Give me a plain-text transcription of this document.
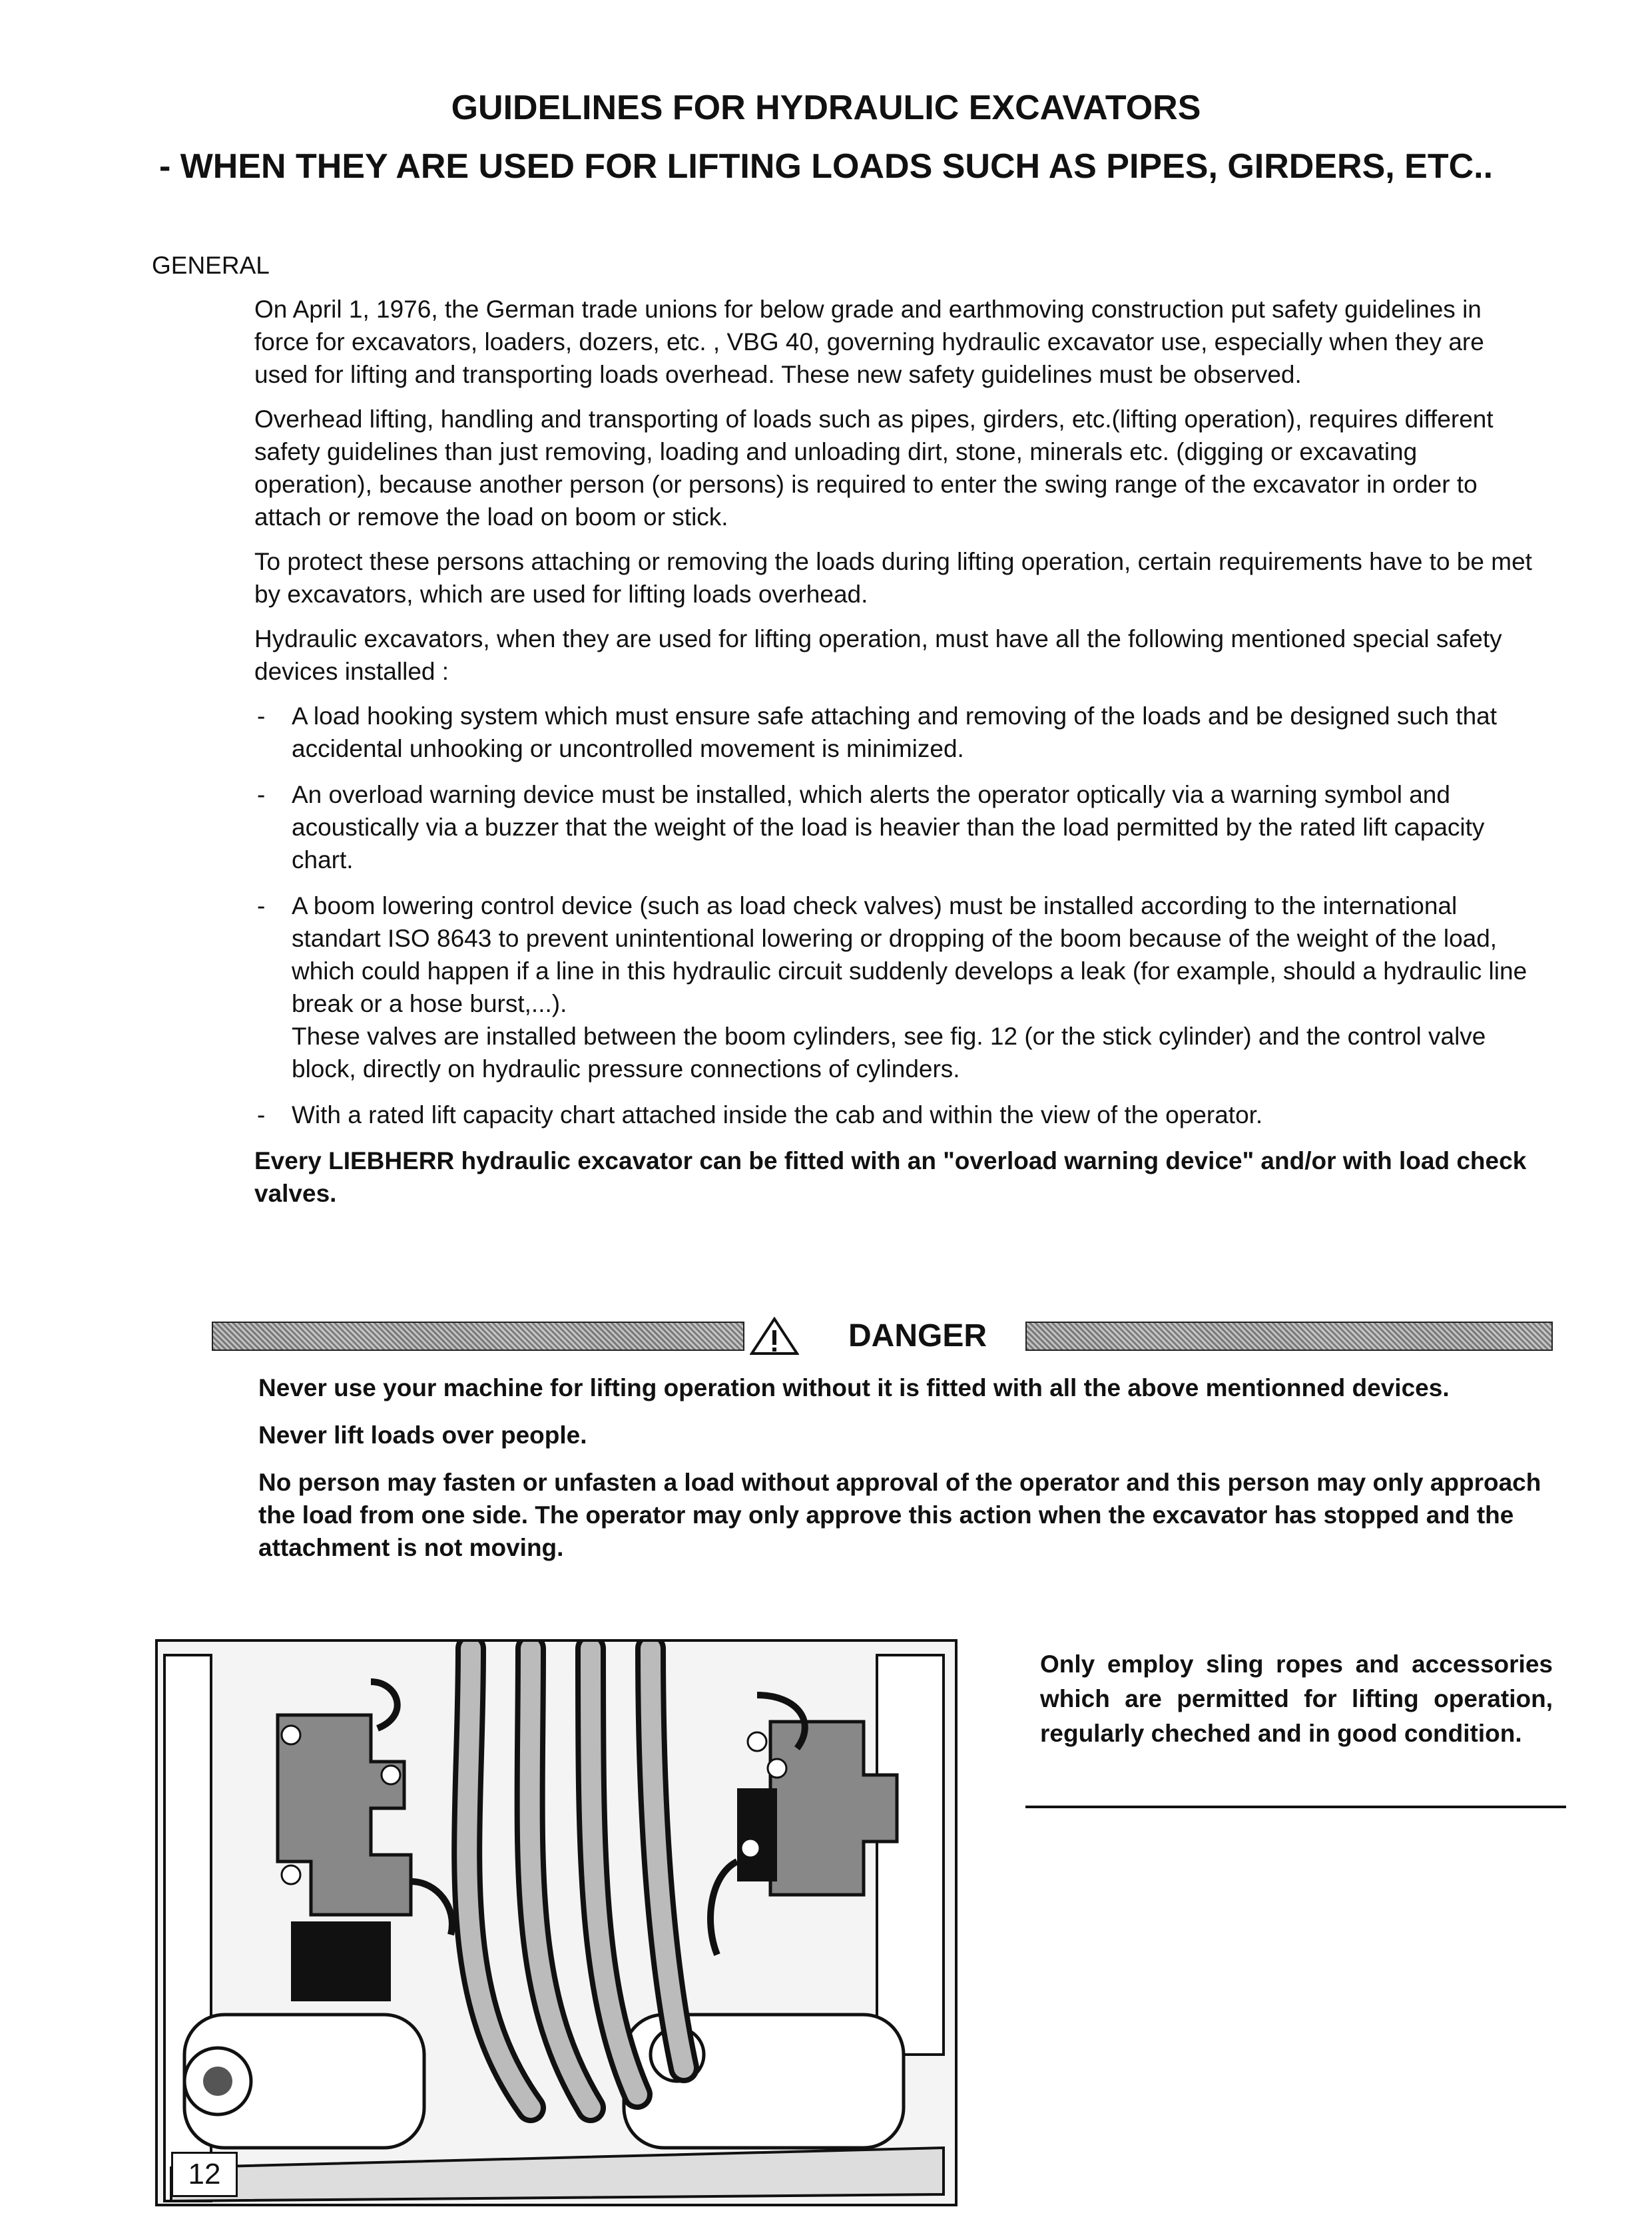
GUIDELINES FOR HYDRAULIC EXCAVATORS
- WHEN THEY ARE USED FOR LIFTING LOADS SUCH AS PIPES, GIRDERS, ETC..
GENERAL

On April 1, 1976, the German trade unions for below grade and earthmoving construction put safety guidelines in force for excavators, loaders, dozers, etc. , VBG 40, governing hydraulic excavator use, especially when they are used for lifting and transporting loads overhead. These new safety guidelines must be observed.

Overhead lifting, handling and transporting of loads such as pipes, girders, etc.(lifting operation), requires different safety guidelines than just removing, loading and unloading dirt, stone, minerals etc. (digging or excavating operation), because another person (or persons) is required to enter the swing range of the excavator in order to attach or remove the load on boom or stick.

To protect these persons attaching or removing the loads during lifting operation, certain requirements have to be met by excavators, which are used for lifting loads overhead.

Hydraulic excavators, when they are used for lifting operation, must have all the following mentioned special safety devices installed :

- A load hooking system which must ensure safe attaching and removing of the loads and be designed such that accidental unhooking or uncontrolled movement is minimized.
- An overload warning device must be installed, which alerts the operator optically via a warning symbol and acoustically via a buzzer that the weight of the load is heavier than the load permitted by the rated lift capacity chart.
- A boom lowering control device (such as load check valves) must be installed according to the international standart ISO 8643 to prevent unintentional lowering or dropping of the boom because of the weight of the load, which could happen if a line in this hydraulic circuit suddenly develops a leak (for example, should a hydraulic line break or a hose burst,...).
These valves are installed between the boom cylinders, see fig. 12 (or the stick cylinder) and the control valve block, directly on hydraulic pressure connections of cylinders.
- With a rated lift capacity chart attached inside the cab and within the view of the operator.

Every LIEBHERR hydraulic excavator can be fitted with an "overload warning device" and/or with load check valves.

DANGER

Never use your machine for lifting operation without it is fitted with all the above mentionned devices.

Never lift loads over people.

No person may fasten or unfasten a load without approval of the operator and this person may only approach the load from one side. The operator may only approve this action when the excavator has stopped and the attachment is not moving.

12
Only employ sling ropes and accessories which are permitted for lifting operation, regularly cheched and in good condition.
